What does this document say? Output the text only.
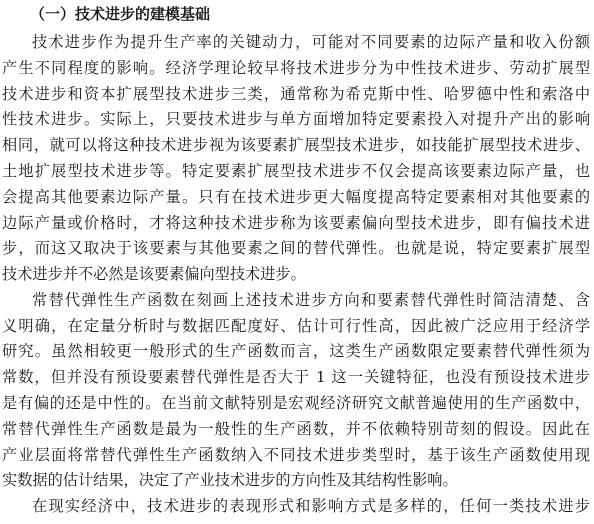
（一）技术进步的建模基础
技术进步作为提升生产率的关键动力，可能对不同要素的边际产量和收入份额
产生不同程度的影响。经济学理论较早将技术进步分为中性技术进步、劳动扩展型
技术进步和资本扩展型技术进步三类，通常称为希克斯中性、哈罗德中性和索洛中
性技术进步。实际上，只要技术进步与单方面增加特定要素投入对提升产出的影响
相同，就可以将这种技术进步视为该要素扩展型技术进步，如技能扩展型技术进步、
土地扩展型技术进步等。特定要素扩展型技术进步不仅会提高该要素边际产量，也
会提高其他要素边际产量。只有在技术进步更大幅度提高特定要素相对其他要素的
边际产量或价格时，才将这种技术进步称为该要素偏向型技术进步，即有偏技术进
步，而这又取决于该要素与其他要素之间的替代弹性。也就是说，特定要素扩展型
技术进步并不必然是该要素偏向型技术进步。
常替代弹性生产函数在刻画上述技术进步方向和要素替代弹性时简洁清楚、含
义明确，在定量分析时与数据匹配度好、估计可行性高，因此被广泛应用于经济学
研究。虽然相较更一般形式的生产函数而言，这类生产函数限定要素替代弹性须为
常数，但并没有预设要素替代弹性是否大于 1 这一关键特征，也没有预设技术进步
是有偏的还是中性的。在当前文献特别是宏观经济研究文献普遍使用的生产函数中，
常替代弹性生产函数是最为一般性的生产函数，并不依赖特别苛刻的假设。因此在
产业层面将常替代弹性生产函数纳入不同技术进步类型时，基于该生产函数使用现
实数据的估计结果，决定了产业技术进步的方向性及其结构性影响。
在现实经济中，技术进步的表现形式和影响方式是多样的，任何一类技术进步
